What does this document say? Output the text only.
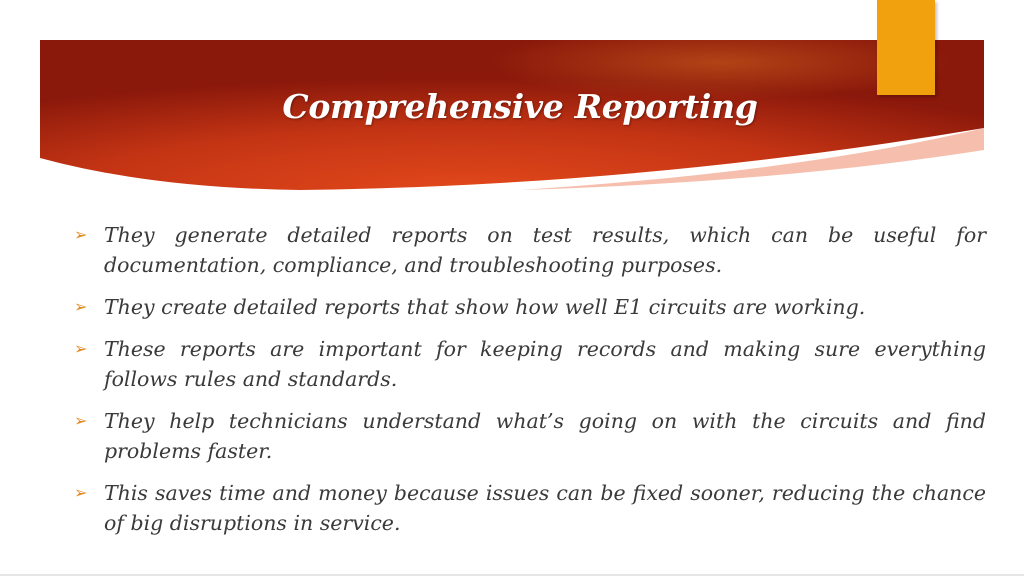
Comprehensive Reporting
➢ They generate detailed reports on test results, which can be useful for documentation, compliance, and troubleshooting purposes.
➢ They create detailed reports that show how well E1 circuits are working.
➢ These reports are important for keeping records and making sure everything follows rules and standards.
➢ They help technicians understand what’s going on with the circuits and find problems faster.
➢ This saves time and money because issues can be fixed sooner, reducing the chance of big disruptions in service.
